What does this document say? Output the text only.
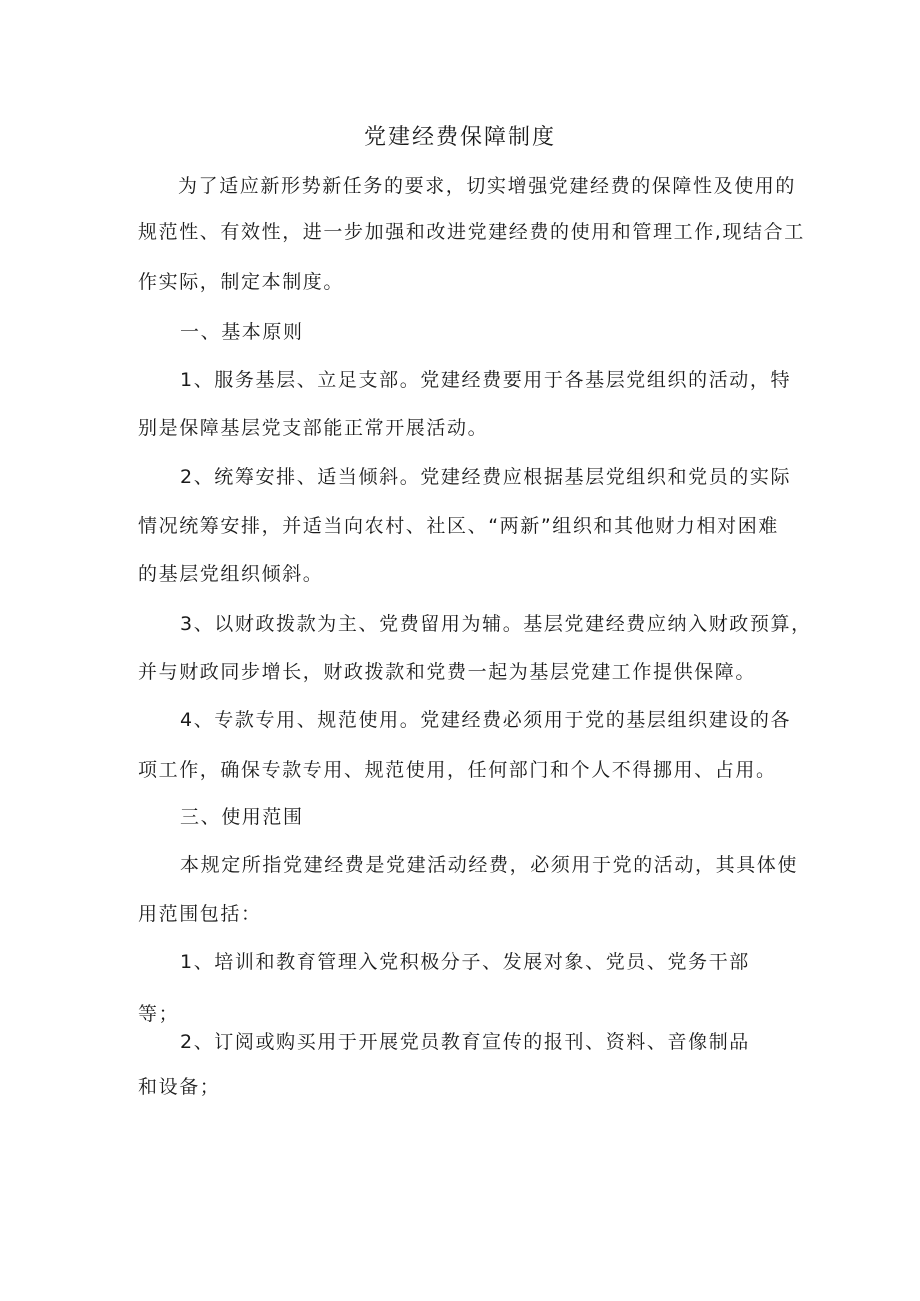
党建经费保障制度
为了适应新形势新任务的要求，切实增强党建经费的保障性及使用的
规范性、有效性，进一步加强和改进党建经费的使用和管理工作,现结合工
作实际，制定本制度。
一、基本原则
1、服务基层、立足支部。党建经费要用于各基层党组织的活动，特
别是保障基层党支部能正常开展活动。
2、统筹安排、适当倾斜。党建经费应根据基层党组织和党员的实际
情况统筹安排，并适当向农村、社区、“两新”组织和其他财力相对困难
的基层党组织倾斜。
3、以财政拨款为主、党费留用为辅。基层党建经费应纳入财政预算，
并与财政同步增长，财政拨款和党费一起为基层党建工作提供保障。
4、专款专用、规范使用。党建经费必须用于党的基层组织建设的各
项工作，确保专款专用、规范使用，任何部门和个人不得挪用、占用。
三、使用范围
本规定所指党建经费是党建活动经费，必须用于党的活动，其具体使
用范围包括：
1、培训和教育管理入党积极分子、发展对象、党员、党务干部
等；
2、订阅或购买用于开展党员教育宣传的报刊、资料、音像制品
和设备；
